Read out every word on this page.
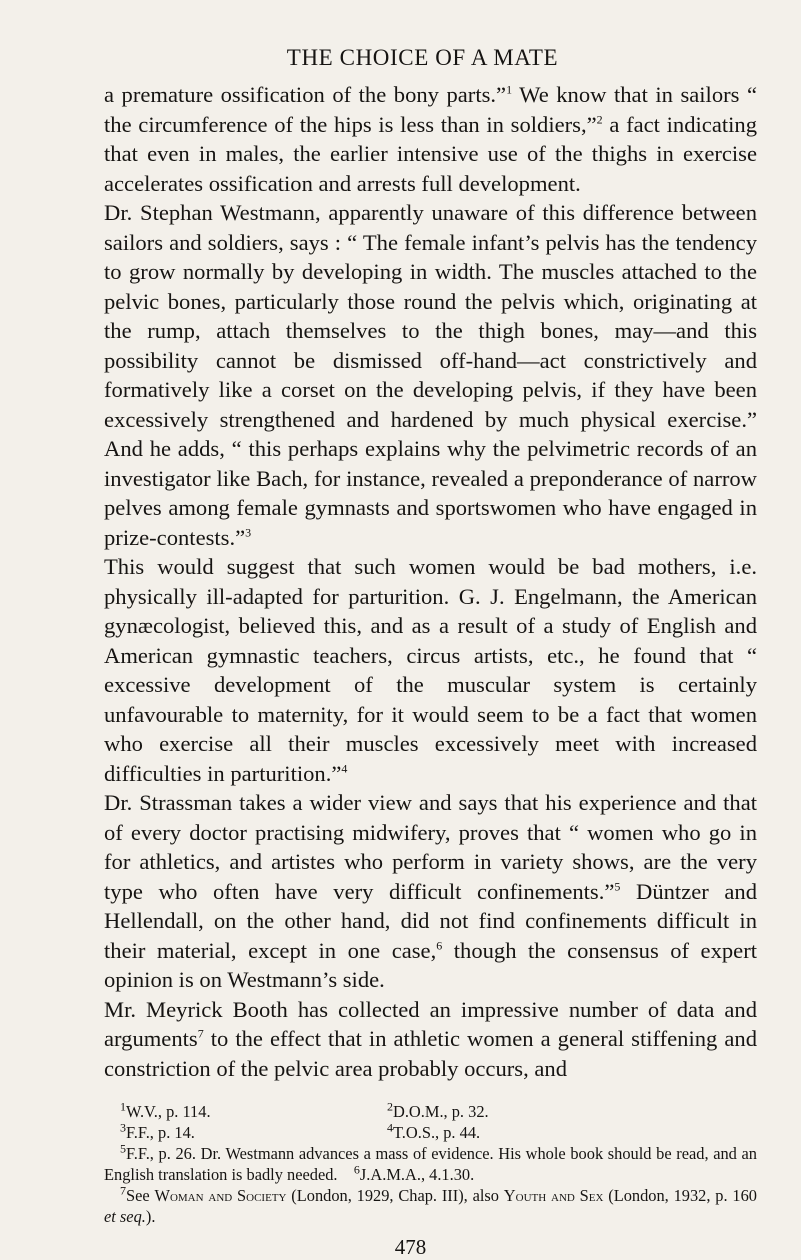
THE CHOICE OF A MATE

a premature ossification of the bony parts.”$^1$ We know that in sailors “ the circumference of the hips is less than in soldiers,”$^2$ a fact indicating that even in males, the earlier intensive use of the thighs in exercise accelerates ossification and arrests full development.

Dr. Stephan Westmann, apparently unaware of this difference between sailors and soldiers, says : “ The female infant’s pelvis has the tendency to grow normally by developing in width. The muscles attached to the pelvic bones, particularly those round the pelvis which, originating at the rump, attach themselves to the thigh bones, may—and this possibility cannot be dismissed off-hand—act constrictively and formatively like a corset on the developing pelvis, if they have been excessively strengthened and hardened by much physical exercise.” And he adds, “ this perhaps explains why the pelvimetric records of an investigator like Bach, for instance, revealed a preponderance of narrow pelves among female gymnasts and sportswomen who have engaged in prize-contests.”$^3$

This would suggest that such women would be bad mothers, i.e. physically ill-adapted for parturition. G. J. Engelmann, the American gynæcologist, believed this, and as a result of a study of English and American gymnastic teachers, circus artists, etc., he found that “ excessive development of the muscular system is certainly unfavourable to maternity, for it would seem to be a fact that women who exercise all their muscles excessively meet with increased difficulties in parturition.”$^4$

Dr. Strassman takes a wider view and says that his experience and that of every doctor practising midwifery, proves that “ women who go in for athletics, and artistes who perform in variety shows, are the very type who often have very difficult confinements.”$^5$ Düntzer and Hellendall, on the other hand, did not find confinements difficult in their material, except in one case,$^6$ though the consensus of expert opinion is on Westmann’s side.

Mr. Meyrick Booth has collected an impressive number of data and arguments$^7$ to the effect that in athletic women a general stiffening and constriction of the pelvic area probably occurs, and

$^1$W.V., p. 114.	$^2$D.O.M., p. 32.
$^3$F.F., p. 14.	$^4$T.O.S., p. 44.

$^5$F.F., p. 26. Dr. Westmann advances a mass of evidence. His whole book should be read, and an English translation is badly needed. $^6$J.A.M.A., 4.1.30.

$^7$See Woman and Society (London, 1929, Chap. III), also Youth and Sex (London, 1932, p. 160 et seq.).

478
